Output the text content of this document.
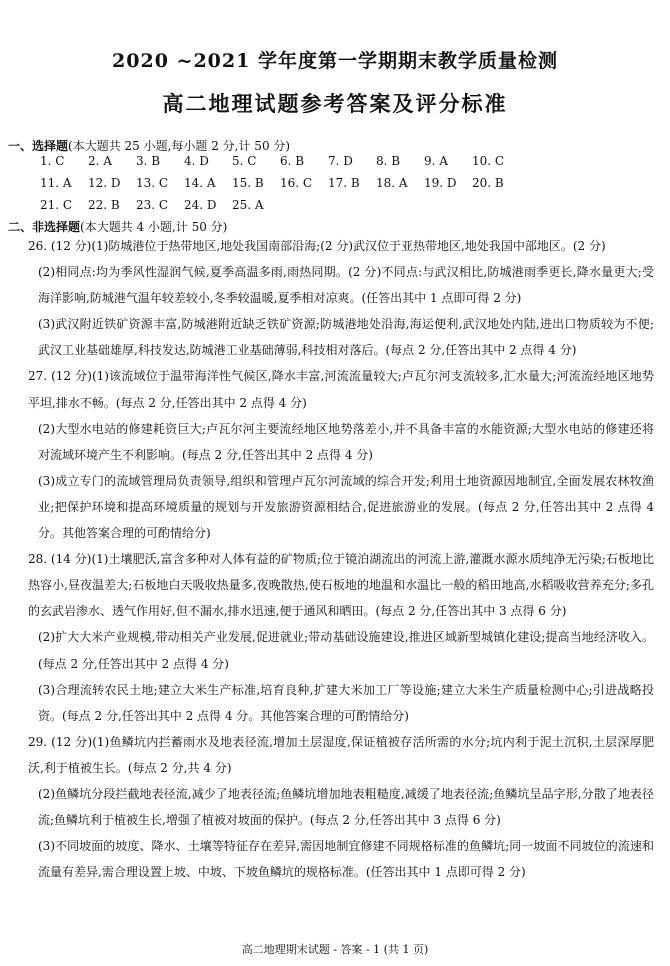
2020 ~2021 学年度第一学期期末教学质量检测
高二地理试题参考答案及评分标准
一、选择题(本大题共 25 小题,每小题 2 分,计 50 分)
1. C 2. A 3. B 4. D 5. C 6. B 7. D 8. B 9. A 10. C
11. A 12. D 13. C 14. A 15. B 16. C 17. B 18. A 19. D 20. B
21. C 22. B 23. C 24. D 25. A
二、非选择题(本大题共 4 小题,计 50 分)

26. (12 分)(1)防城港位于热带地区,地处我国南部沿海;(2 分)武汉位于亚热带地区,地处我国中部地区。(2 分)

(2)相同点:均为季风性湿润气候,夏季高温多雨,雨热同期。(2 分)不同点:与武汉相比,防城港雨季更长,降水量更大;受海洋影响,防城港气温年较差较小,冬季较温暖,夏季相对凉爽。(任答出其中 1 点即可得 2 分)

(3)武汉附近铁矿资源丰富,防城港附近缺乏铁矿资源;防城港地处沿海,海运便利,武汉地处内陆,进出口物质较为不便;武汉工业基础雄厚,科技发达,防城港工业基础薄弱,科技相对落后。(每点 2 分,任答出其中 2 点得 4 分)

27. (12 分)(1)该流域位于温带海洋性气候区,降水丰富,河流流量较大;卢瓦尔河支流较多,汇水量大;河流流经地区地势平坦,排水不畅。(每点 2 分,任答出其中 2 点得 4 分)

(2)大型水电站的修建耗资巨大;卢瓦尔河主要流经地区地势落差小,并不具备丰富的水能资源;大型水电站的修建还将对流域环境产生不利影响。(每点 2 分,任答出其中 2 点得 4 分)

(3)成立专门的流域管理局负责领导,组织和管理卢瓦尔河流域的综合开发;利用土地资源因地制宜,全面发展农林牧渔业;把保护环境和提高环境质量的规划与开发旅游资源相结合,促进旅游业的发展。(每点 2 分,任答出其中 2 点得 4 分。其他答案合理的可酌情给分)

28. (14 分)(1)土壤肥沃,富含多种对人体有益的矿物质;位于镜泊湖流出的河流上游,灌溉水源水质纯净无污染;石板地比热容小,昼夜温差大;石板地白天吸收热量多,夜晚散热,使石板地的地温和水温比一般的稻田地高,水稻吸收营养充分;多孔的玄武岩渗水、透气作用好,但不漏水,排水迅速,便于通风和晒田。(每点 2 分,任答出其中 3 点得 6 分)

(2)扩大大米产业规模,带动相关产业发展,促进就业;带动基础设施建设,推进区域新型城镇化建设;提高当地经济收入。(每点 2 分,任答出其中 2 点得 4 分)

(3)合理流转农民土地;建立大米生产标准,培育良种,扩建大米加工厂等设施;建立大米生产质量检测中心;引进战略投资。(每点 2 分,任答出其中 2 点得 4 分。其他答案合理的可酌情给分)

29. (12 分)(1)鱼鳞坑内拦蓄雨水及地表径流,增加土层湿度,保证植被存活所需的水分;坑内利于泥土沉积,土层深厚肥沃,利于植被生长。(每点 2 分,共 4 分)

(2)鱼鳞坑分段拦截地表径流,减少了地表径流;鱼鳞坑增加地表粗糙度,减缓了地表径流;鱼鳞坑呈品字形,分散了地表径流;鱼鳞坑利于植被生长,增强了植被对坡面的保护。(每点 2 分,任答出其中 3 点得 6 分)

(3)不同坡面的坡度、降水、土壤等特征存在差异,需因地制宜修建不同规格标准的鱼鳞坑;同一坡面不同坡位的流速和流量有差异,需合理设置上坡、中坡、下坡鱼鳞坑的规格标准。(任答出其中 1 点即可得 2 分)

高二地理期末试题 - 答案 - 1 (共 1 页)
